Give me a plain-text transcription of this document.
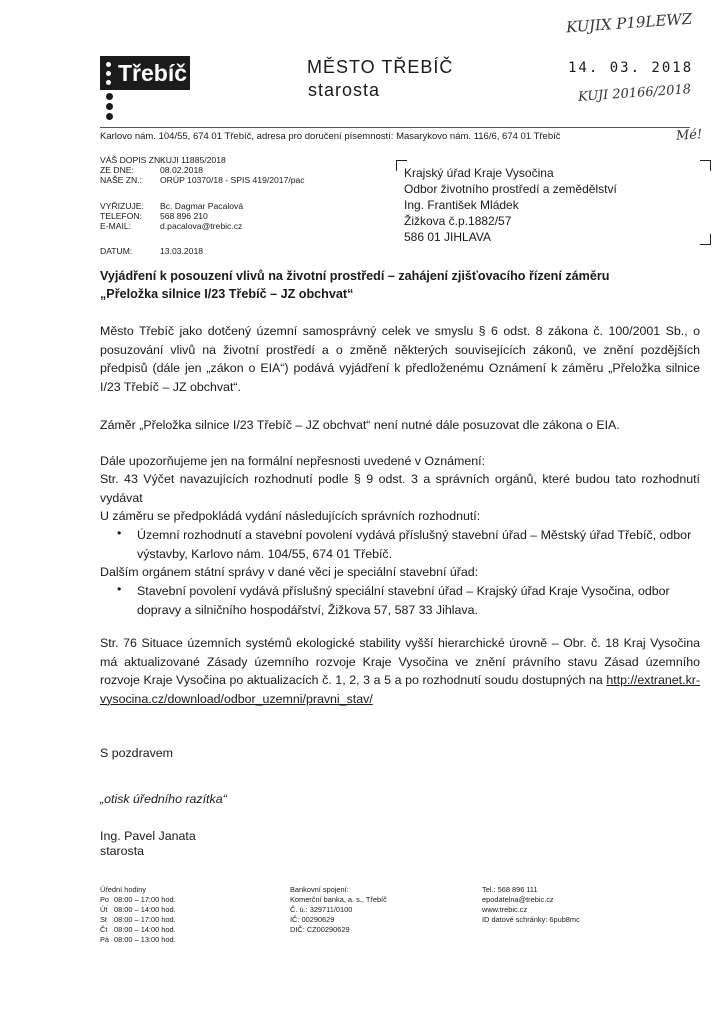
KUJIX P19LEWZ
KUJI 20166/2018
Mé!
Třebíč	MĚSTO TŘEBÍČ
starosta
14. 03. 2018
Karlovo nám. 104/55, 674 01 Třebíč, adresa pro doručení písemností: Masarykovo nám. 116/6, 674 01 Třebíč
VÁŠ DOPIS ZN.:
KUJI 11885/2018
ZE DNE:	08.02.2018
NAŠE ZN.: ORÚP 10370/18 - SPIS 419/2017/pac
VYŘIZUJE: Bc. Dagmar Pacalová
TELEFON: 568 896 210
E-MAIL:	d.pacalova@trebic.cz
DATUM:	13.03.2018
Krajský úřad Kraje Vysočina
Odbor životního prostředí a zemědělství
Ing. František Mládek
Žižkova č.p.1882/57
586 01 JIHLAVA
Vyjádření k posouzení vlivů na životní prostředí – zahájení zjišťovacího řízení záměru
„Přeložka silnice I/23 Třebíč – JZ obchvat“
Město Třebíč jako dotčený územní samosprávný celek ve smyslu § 6 odst. 8 zákona č. 100/2001 Sb., o posuzování vlivů na životní prostředí a o změně některých souvisejících zákonů, ve znění pozdějších předpisů (dále jen „zákon o EIA“) podává vyjádření k předloženému Oznámení k záměru „Přeložka silnice I/23 Třebíč – JZ obchvat“.
Záměr „Přeložka silnice I/23 Třebíč – JZ obchvat“ není nutné dále posuzovat dle zákona o EIA.
Dále upozorňujeme jen na formální nepřesnosti uvedené v Oznámení:
Str. 43 Výčet navazujících rozhodnutí podle § 9 odst. 3 a správních orgánů, které budou tato rozhodnutí vydávat
U záměru se předpokládá vydání následujících správních rozhodnutí:
• Územní rozhodnutí a stavební povolení vydává příslušný stavební úřad – Městský úřad Třebíč, odbor výstavby, Karlovo nám. 104/55, 674 01 Třebíč.
Dalším orgánem státní správy v dané věci je speciální stavební úřad:
• Stavební povolení vydává příslušný speciální stavební úřad – Krajský úřad Kraje Vysočina, odbor dopravy a silničního hospodářství, Žižkova 57, 587 33 Jihlava.
Str. 76 Situace územních systémů ekologické stability vyšší hierarchické úrovně – Obr. č. 18 Kraj Vysočina má aktualizované Zásady územního rozvoje Kraje Vysočina ve znění právního stavu Zásad územního rozvoje Kraje Vysočina po aktualizacích č. 1, 2, 3 a 5 a po rozhodnutí soudu dostupných na http://extranet.kr-vysocina.cz/download/odbor_uzemni/pravni_stav/
S pozdravem
„otisk úředního razítka“
Ing. Pavel Janata
starosta
Úřední hodiny
Po 08:00 – 17:00 hod.
Út 08:00 – 14:00 hod.
St 08:00 – 17:00 hod.
Čt 08:00 – 14:00 hod.
Pá 08:00 – 13:00 hod.
Bankovní spojení:
Komerční banka, a. s., Třebíč
Č. ú.: 329711/0100
IČ: 00290629
DIČ: CZ00290629
Tel.: 568 896 111
epodatelna@trebic.cz
www.trebic.cz
ID datové schránky: 6pub8mc
